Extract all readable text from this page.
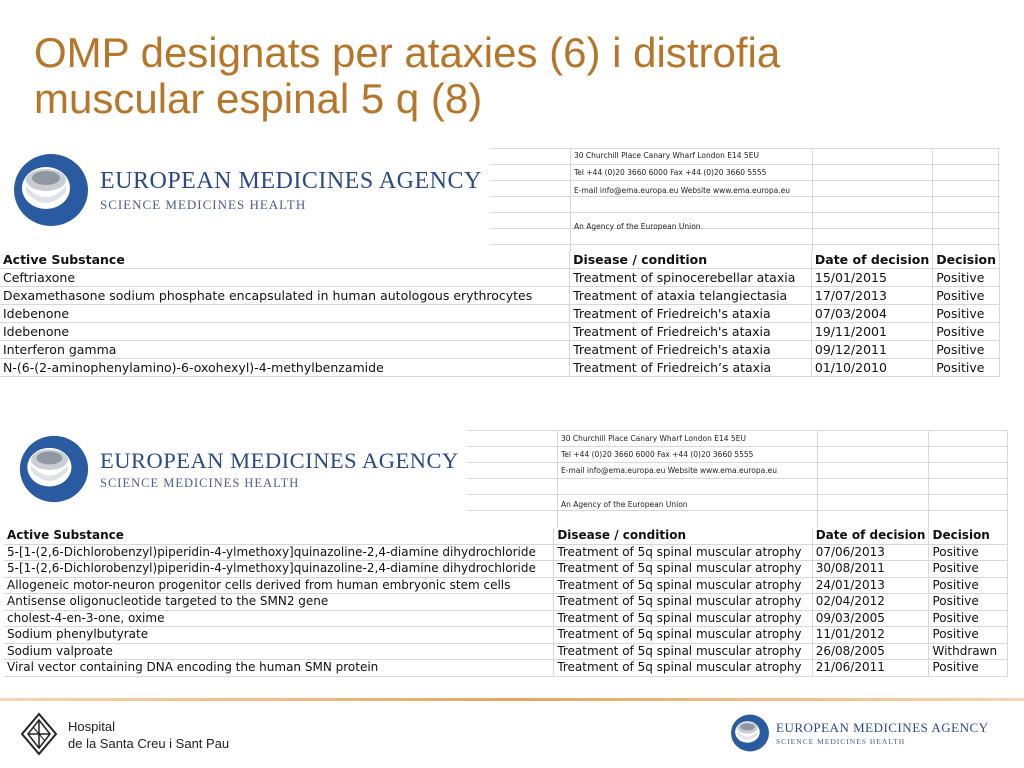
OMP designats per ataxies (6) i distrofia
muscular espinal 5 q (8)
EUROPEAN MEDICINES AGENCY
SCIENCE MEDICINES HEALTH
30 Churchill Place Canary Wharf London E14 5EU
Tel +44 (0)20 3660 6000 Fax +44 (0)20 3660 5555
E-mail info@ema.europa.eu Website www.ema.europa.eu
An Agency of the European Union
Active Substance	Disease / condition	Date of decision	Decision
Ceftriaxone	Treatment of spinocerebellar ataxia	15/01/2015	Positive
Dexamethasone sodium phosphate encapsulated in human autologous erythrocytes	Treatment of ataxia telangiectasia	17/07/2013	Positive
Idebenone	Treatment of Friedreich's ataxia	07/03/2004	Positive
Idebenone	Treatment of Friedreich's ataxia	19/11/2001	Positive
Interferon gamma	Treatment of Friedreich's ataxia	09/12/2011	Positive
N-(6-(2-aminophenylamino)-6-oxohexyl)-4-methylbenzamide	Treatment of Friedreich’s ataxia	01/10/2010	Positive
EUROPEAN MEDICINES AGENCY
SCIENCE MEDICINES HEALTH
30 Churchill Place Canary Wharf London E14 5EU
Tel +44 (0)20 3660 6000 Fax +44 (0)20 3660 5555
E-mail info@ema.europa.eu Website www.ema.europa.eu
An Agency of the European Union
Active Substance	Disease / condition	Date of decision	Decision
5-[1-(2,6-Dichlorobenzyl)piperidin-4-ylmethoxy]quinazoline-2,4-diamine dihydrochloride	Treatment of 5q spinal muscular atrophy	07/06/2013	Positive
5-[1-(2,6-Dichlorobenzyl)piperidin-4-ylmethoxy]quinazoline-2,4-diamine dihydrochloride	Treatment of 5q spinal muscular atrophy	30/08/2011	Positive
Allogeneic motor-neuron progenitor cells derived from human embryonic stem cells	Treatment of 5q spinal muscular atrophy	24/01/2013	Positive
Antisense oligonucleotide targeted to the SMN2 gene	Treatment of 5q spinal muscular atrophy	02/04/2012	Positive
cholest-4-en-3-one, oxime	Treatment of 5q spinal muscular atrophy	09/03/2005	Positive
Sodium phenylbutyrate	Treatment of 5q spinal muscular atrophy	11/01/2012	Positive
Sodium valproate	Treatment of 5q spinal muscular atrophy	26/08/2005	Withdrawn
Viral vector containing DNA encoding the human SMN protein	Treatment of 5q spinal muscular atrophy	21/06/2011	Positive
Hospital
de la Santa Creu i Sant Pau
EUROPEAN MEDICINES AGENCY
SCIENCE MEDICINES HEALTH
